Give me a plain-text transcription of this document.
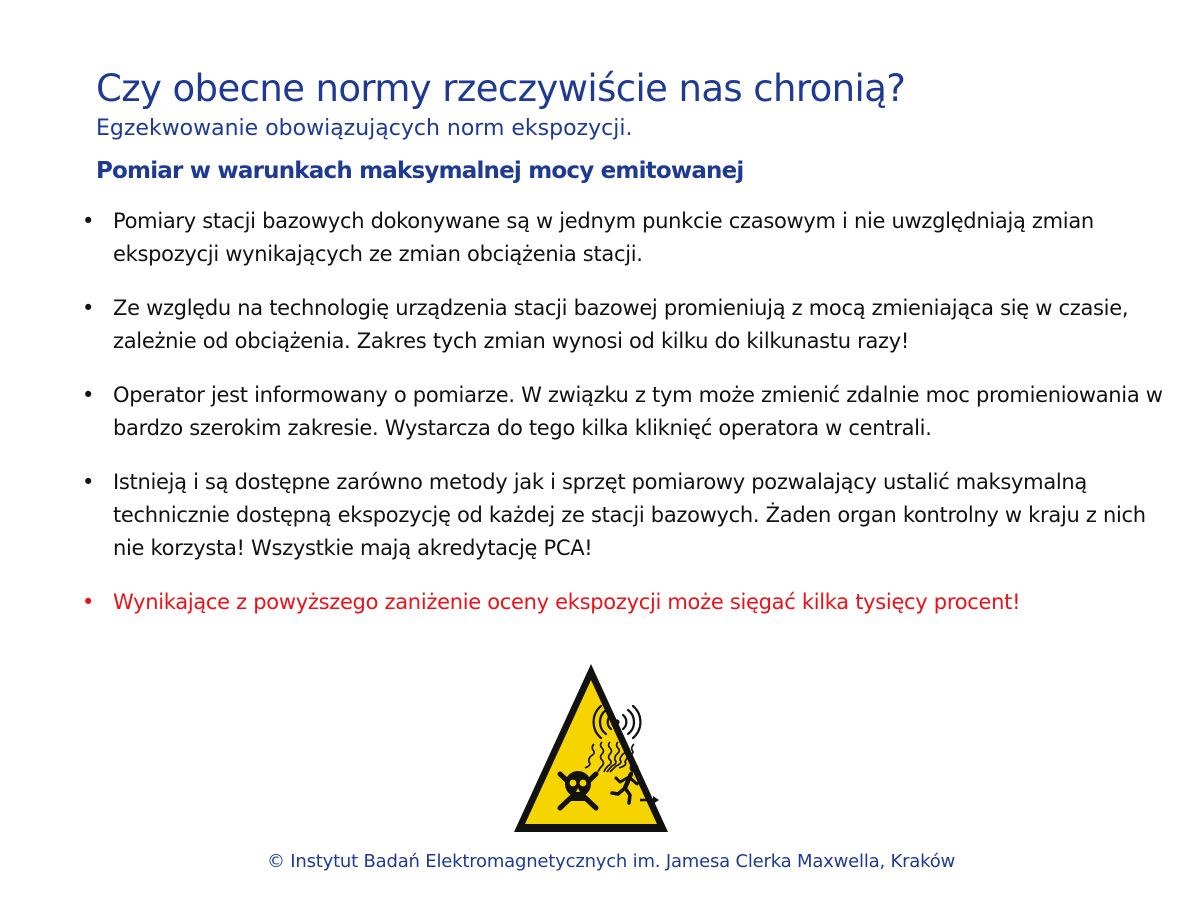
Czy obecne normy rzeczywiście nas chronią?
Egzekwowanie obowiązujących norm ekspozycji.
Pomiar w warunkach maksymalnej mocy emitowanej
• Pomiary stacji bazowych dokonywane są w jednym punkcie czasowym i nie uwzględniają zmian ekspozycji wynikających ze zmian obciążenia stacji.
• Ze względu na technologię urządzenia stacji bazowej promieniują z mocą zmieniająca się w czasie, zależnie od obciążenia. Zakres tych zmian wynosi od kilku do kilkunastu razy!
• Operator jest informowany o pomiarze. W związku z tym może zmienić zdalnie moc promieniowania w bardzo szerokim zakresie. Wystarcza do tego kilka kliknięć operatora w centrali.
• Istnieją i są dostępne zarówno metody jak i sprzęt pomiarowy pozwalający ustalić maksymalną technicznie dostępną ekspozycję od każdej ze stacji bazowych. Żaden organ kontrolny w kraju z nich nie korzysta! Wszystkie mają akredytację PCA!
• Wynikające z powyższego zaniżenie oceny ekspozycji może sięgać kilka tysięcy procent!
© Instytut Badań Elektromagnetycznych im. Jamesa Clerka Maxwella, Kraków
